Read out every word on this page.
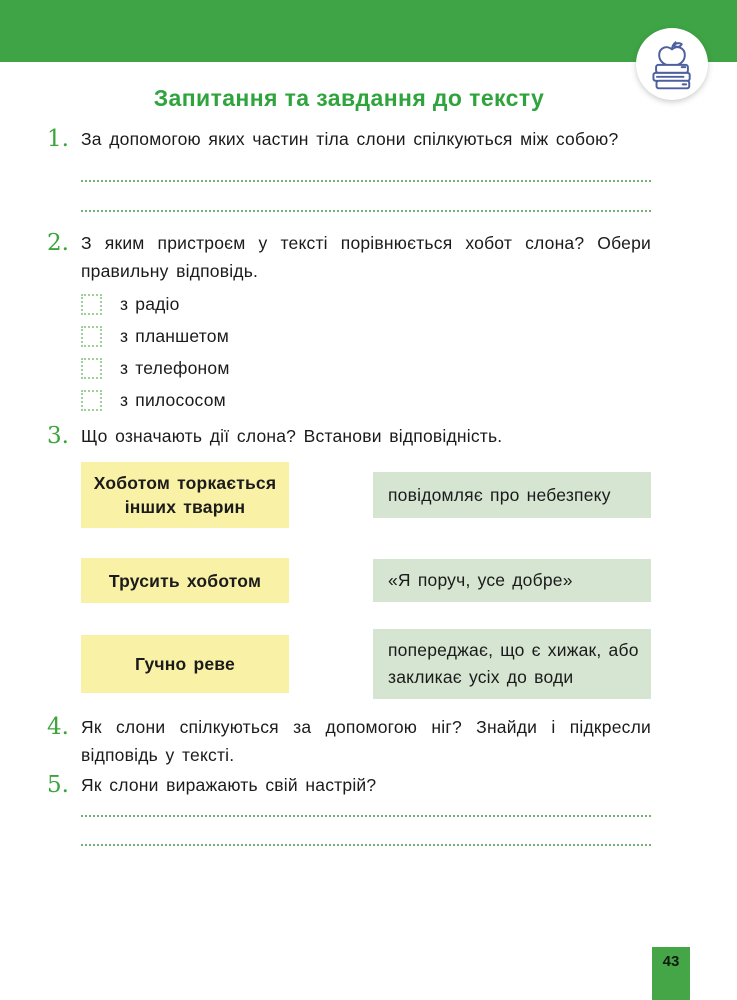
Запитання та завдання до тексту
1. За допомогою яких частин тіла слони спілкуються між собою?

2. З яким пристроєм у тексті порівнюється хобот слона? Обери правильну відповідь.

з радіо
з планшетом
з телефоном
з пилососом
3. Що означають дії слона? Встанови відповідність.

Хоботом торкається інших тварин
повідомляє про небезпеку
Трусить хоботом	«Я поруч, усе добре»
Гучно реве
попереджає, що є хижак, або закликає усіх до води
4. Як слони спілкуються за допомогою ніг? Знайди і підкресли відповідь у тексті.

5. Як слони виражають свій настрій?

43
